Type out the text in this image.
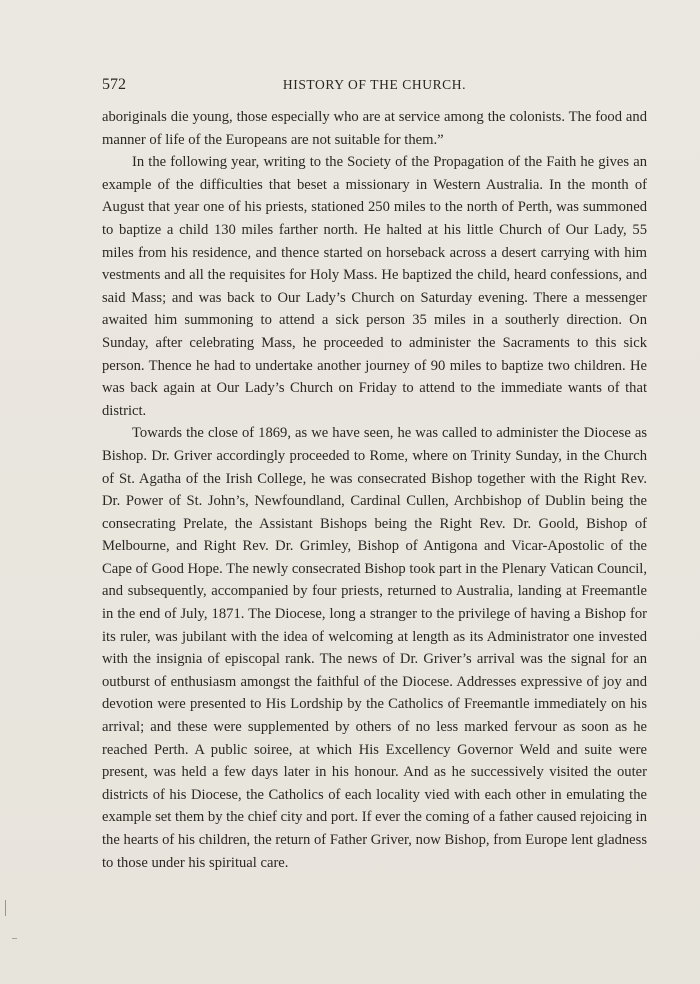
572	HISTORY OF THE CHURCH.

aboriginals die young, those especially who are at service among the colonists. The food and manner of life of the Europeans are not suitable for them.”

In the following year, writing to the Society of the Propagation of the Faith he gives an example of the difficulties that beset a missionary in Western Australia. In the month of August that year one of his priests, stationed 250 miles to the north of Perth, was summoned to baptize a child 130 miles farther north. He halted at his little Church of Our Lady, 55 miles from his residence, and thence started on horseback across a desert carrying with him vestments and all the requisites for Holy Mass. He baptized the child, heard confessions, and said Mass; and was back to Our Lady’s Church on Saturday evening. There a messenger awaited him summoning to attend a sick person 35 miles in a southerly direction. On Sunday, after celebrating Mass, he proceeded to administer the Sacraments to this sick person. Thence he had to undertake another journey of 90 miles to baptize two children. He was back again at Our Lady’s Church on Friday to attend to the immediate wants of that district.

Towards the close of 1869, as we have seen, he was called to administer the Diocese as Bishop. Dr. Griver accordingly proceeded to Rome, where on Trinity Sunday, in the Church of St. Agatha of the Irish College, he was consecrated Bishop together with the Right Rev. Dr. Power of St. John’s, Newfoundland, Cardinal Cullen, Archbishop of Dublin being the consecrating Prelate, the Assistant Bishops being the Right Rev. Dr. Goold, Bishop of Melbourne, and Right Rev. Dr. Grimley, Bishop of Antigona and Vicar-Apostolic of the Cape of Good Hope. The newly consecrated Bishop took part in the Plenary Vatican Council, and subsequently, accompanied by four priests, returned to Australia, landing at Freemantle in the end of July, 1871. The Diocese, long a stranger to the privilege of having a Bishop for its ruler, was jubilant with the idea of welcoming at length as its Administrator one invested with the insignia of episcopal rank. The news of Dr. Griver’s arrival was the signal for an outburst of enthusiasm amongst the faithful of the Diocese. Addresses expressive of joy and devotion were presented to His Lordship by the Catholics of Freemantle immediately on his arrival; and these were supplemented by others of no less marked fervour as soon as he reached Perth. A public soiree, at which His Excellency Governor Weld and suite were present, was held a few days later in his honour. And as he successively visited the outer districts of his Diocese, the Catholics of each locality vied with each other in emulating the example set them by the chief city and port. If ever the coming of a father caused rejoicing in the hearts of his children, the return of Father Griver, now Bishop, from Europe lent gladness to those under his spiritual care.
